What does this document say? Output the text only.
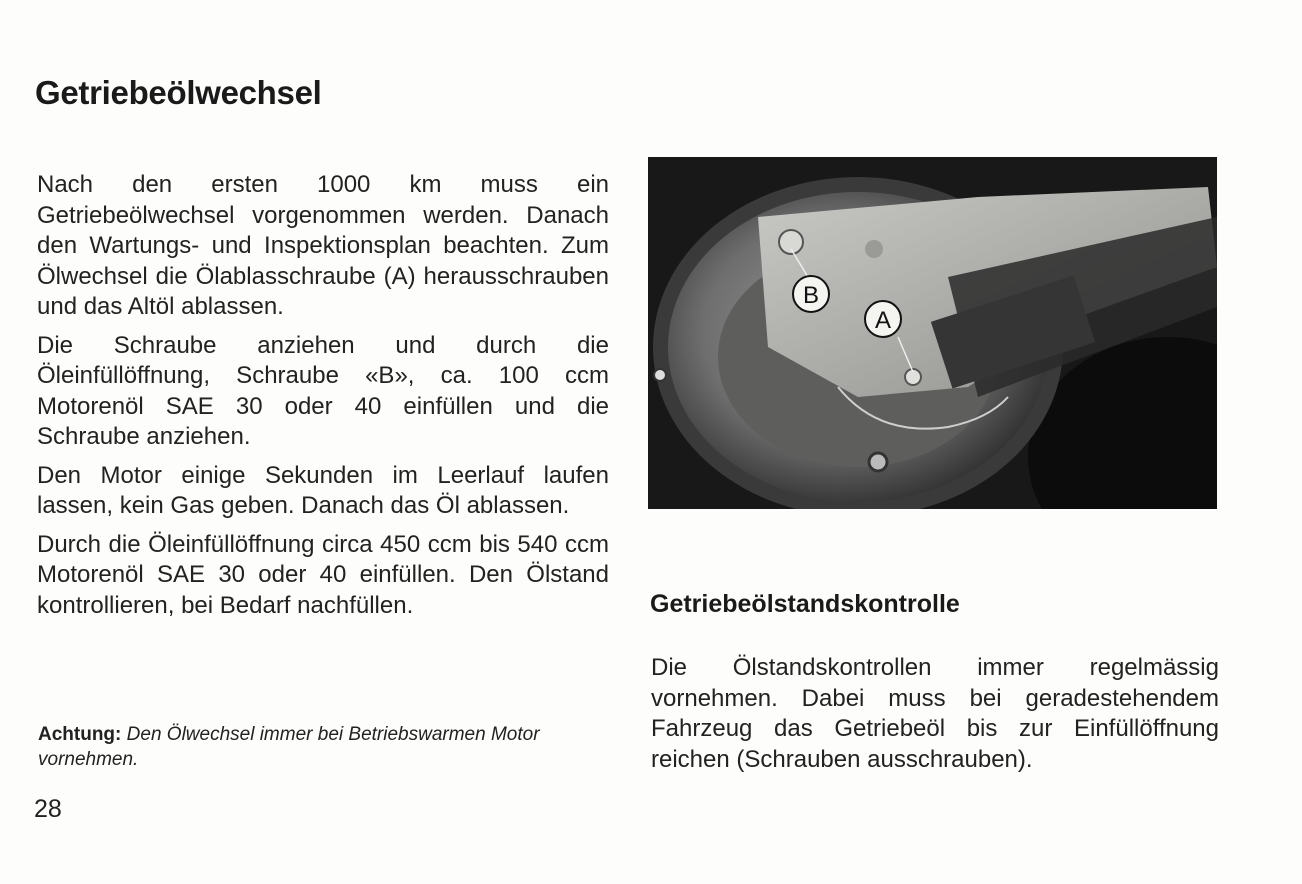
Getriebeölwechsel

Nach den ersten 1000 km muss ein Getriebeölwechsel vorgenommen werden. Danach den Wartungs- und Inspektionsplan beachten. Zum Ölwechsel die Ölablasschraube (A) herausschrauben und das Altöl ablassen.

Die Schraube anziehen und durch die Öleinfüllöffnung, Schraube «B», ca. 100 ccm Motorenöl SAE 30 oder 40 einfüllen und die Schraube anziehen.

Den Motor einige Sekunden im Leerlauf laufen lassen, kein Gas geben. Danach das Öl ablassen.

Durch die Öleinfüllöffnung circa 450 ccm bis 540 ccm Motorenöl SAE 30 oder 40 einfüllen. Den Ölstand kontrollieren, bei Bedarf nachfüllen.

Achtung: Den Ölwechsel immer bei Betriebswarmen Motor vornehmen.
28
B
A
Getriebeölstandskontrolle

Die Ölstandskontrollen immer regelmässig vornehmen. Dabei muss bei geradestehendem Fahrzeug das Getriebeöl bis zur Einfüllöffnung reichen (Schrauben ausschrauben).
